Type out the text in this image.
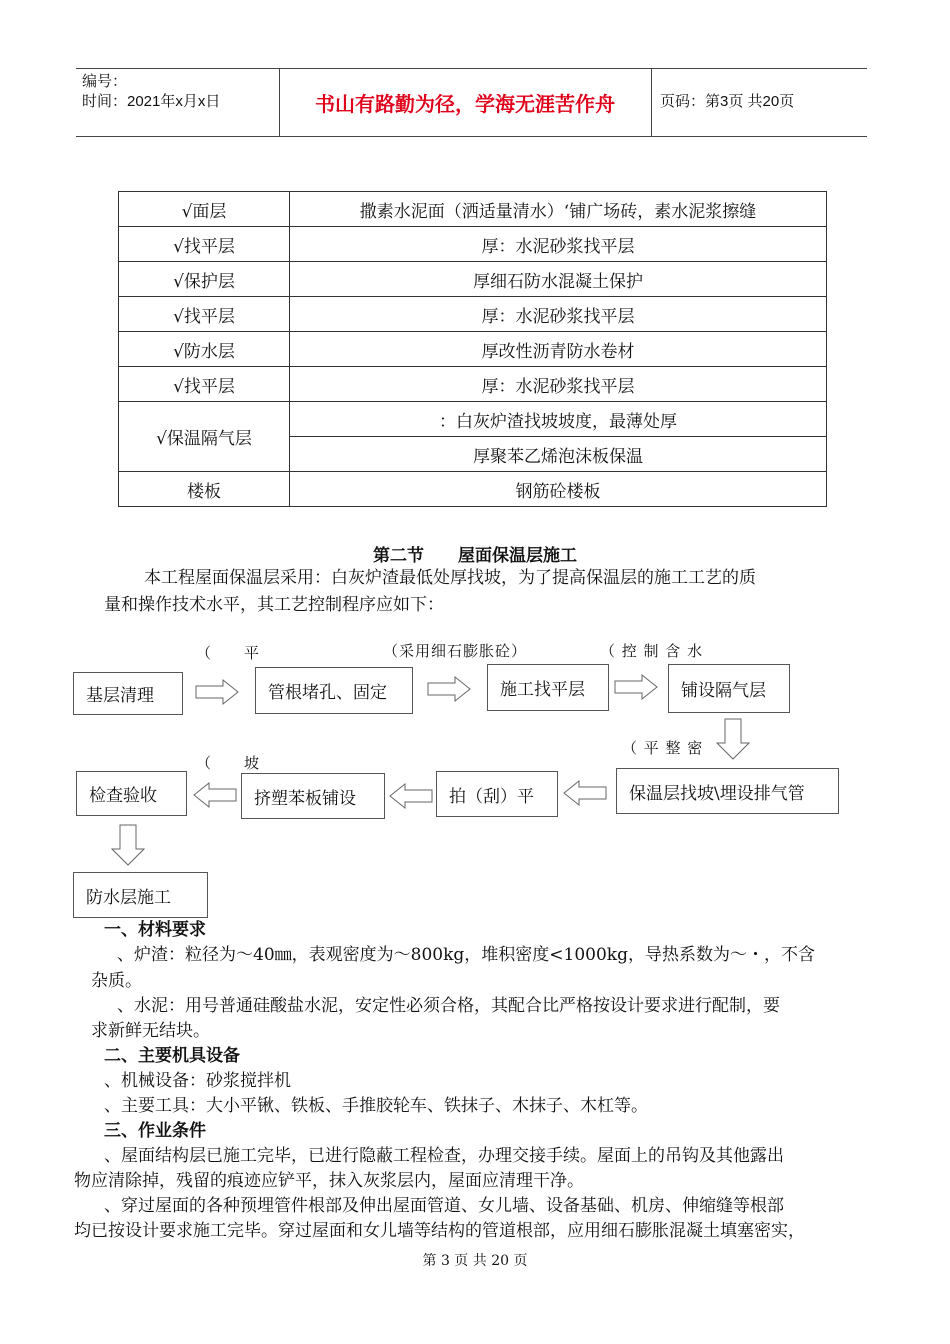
编号：
时间：2021年x月x日	书山有路勤为径，学海无涯苦作舟	页码：第3页 共20页
√面层	撒素水泥面（洒适量清水）‘铺广场砖，素水泥浆擦缝
√找平层	厚：水泥砂浆找平层
√保护层	厚细石防水混凝土保护
√找平层	厚：水泥砂浆找平层
√防水层	厚改性沥青防水卷材
√找平层	厚：水泥砂浆找平层
√保温隔气层	：白灰炉渣找坡坡度，最薄处厚
	厚聚苯乙烯泡沫板保温
楼板	钢筋砼楼板
第二节　　屋面保温层施工
本工程屋面保温层采用：白灰炉渣最低处厚找坡，为了提高保温层的施工工艺的质
量和操作技术水平，其工艺控制程序应如下：
（　　平	（采用细石膨胀砼）	（ 控 制 含 水
（ 平 整 密
（　　坡
基层清理	管根堵孔、固定	施工找平层	铺设隔气层
保温层找坡\埋设排气管
拍（刮）平
挤塑苯板铺设
检查验收
防水层施工
一、材料要求
、炉渣：粒径为～40㎜，表观密度为～800kg，堆积密度<1000kg，导热系数为～・，不含
杂质。
、水泥：用号普通硅酸盐水泥，安定性必须合格，其配合比严格按设计要求进行配制，要
求新鲜无结块。
二、主要机具设备
、机械设备：砂浆搅拌机
、主要工具：大小平锹、铁板、手推胶轮车、铁抹子、木抹子、木杠等。
三、作业条件
、屋面结构层已施工完毕，已进行隐蔽工程检查，办理交接手续。屋面上的吊钩及其他露出
物应清除掉，残留的痕迹应铲平，抹入灰浆层内，屋面应清理干净。
、穿过屋面的各种预埋管件根部及伸出屋面管道、女儿墙、设备基础、机房、伸缩缝等根部
均已按设计要求施工完毕。穿过屋面和女儿墙等结构的管道根部，应用细石膨胀混凝土填塞密实，
第 3 页 共 20 页
